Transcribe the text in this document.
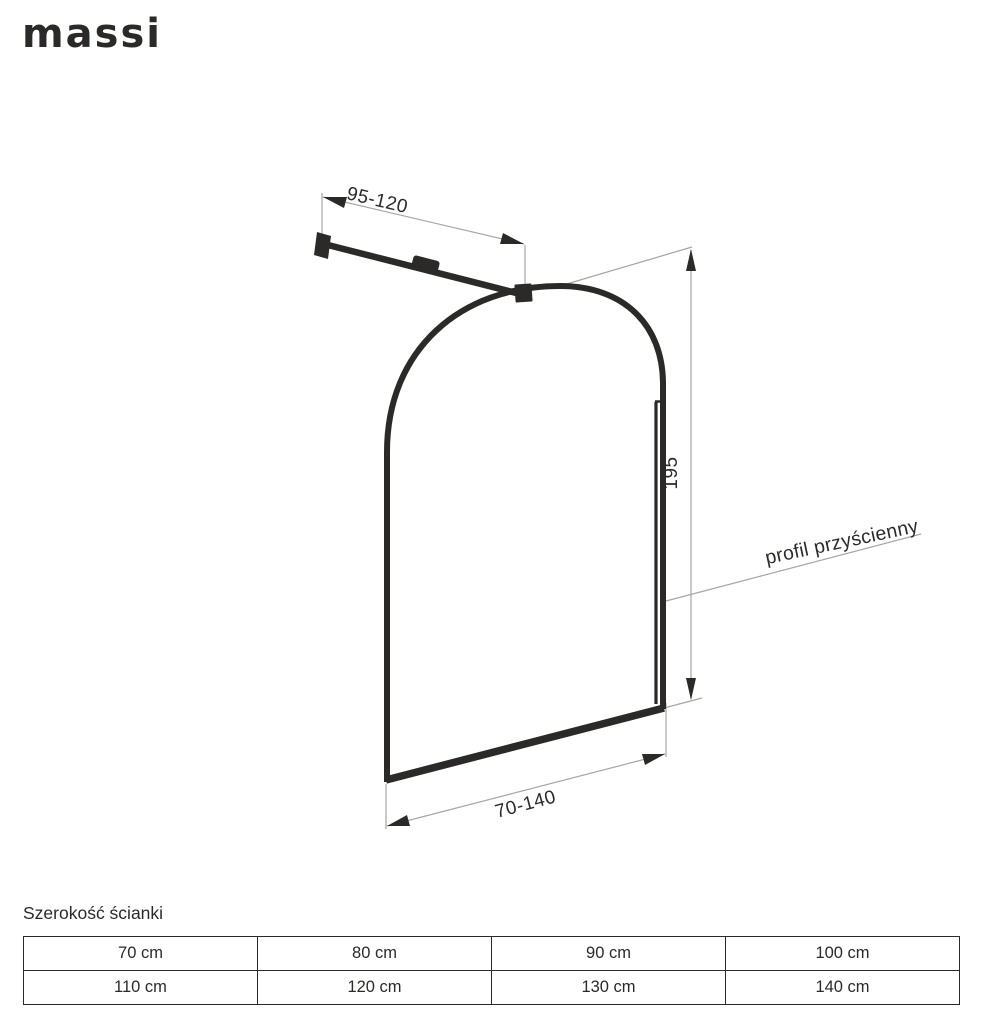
massi
95-120
195
70-140
profil przyścienny
Szerokość ścianki
70 cm	80 cm	90 cm	100 cm
110 cm	120 cm	130 cm	140 cm
